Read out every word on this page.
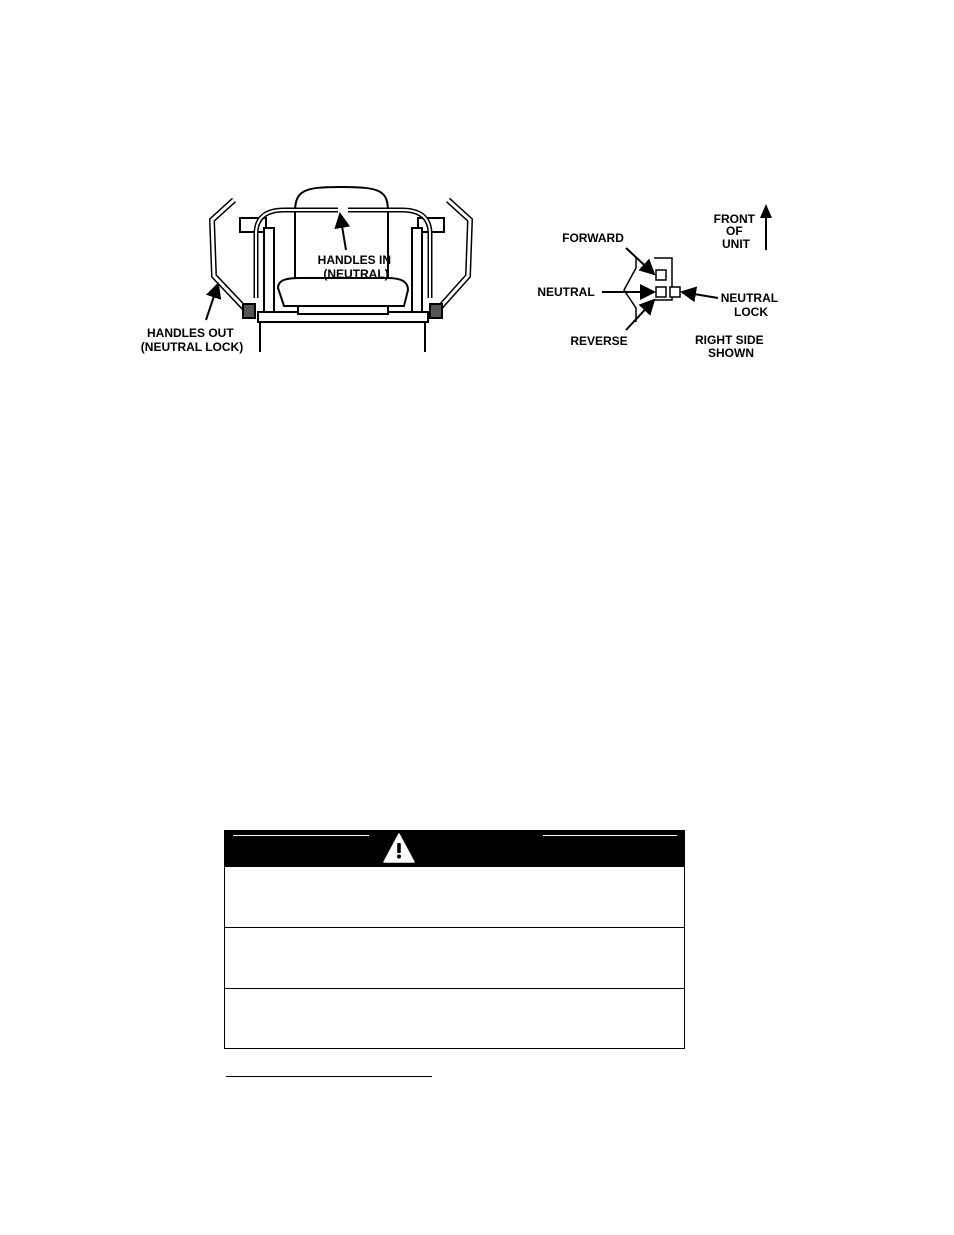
HANDLES IN (NEUTRAL)
HANDLES OUT (NEUTRAL LOCK)
FRONT OF UNIT
FORWARD
NEUTRAL	NEUTRAL LOCK
REVERSE	RIGHT SIDE SHOWN
